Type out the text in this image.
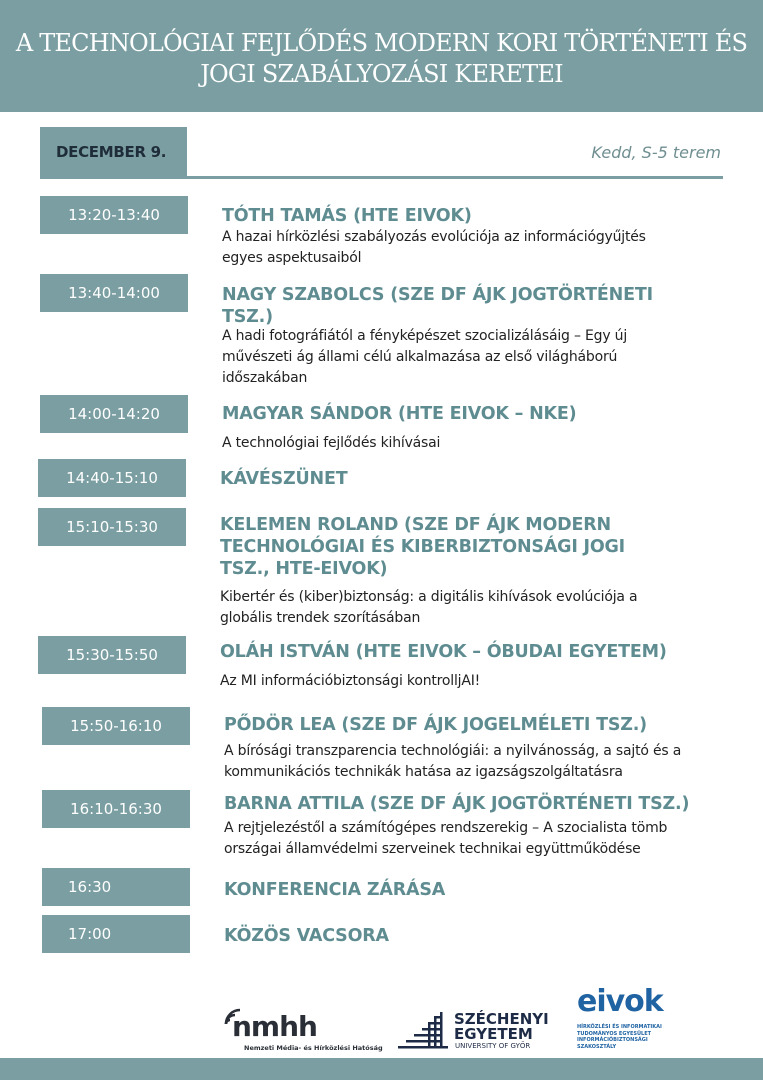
A TECHNOLÓGIAI FEJLŐDÉS MODERN KORI TÖRTÉNETI ÉS
JOGI SZABÁLYOZÁSI KERETEI
DECEMBER 9.	Kedd, S-5 terem
13:20-13:40	TÓTH TAMÁS (HTE EIVOK)
A hazai hírközlési szabályozás evolúciója az információgyűjtés
egyes aspektusaiból
13:40-14:00	NAGY SZABOLCS (SZE DF ÁJK JOGTÖRTÉNETI
TSZ.)
A hadi fotográfiától a fényképészet szocializálásáig – Egy új
művészeti ág állami célú alkalmazása az első világháború
időszakában
14:00-14:20	MAGYAR SÁNDOR (HTE EIVOK – NKE)
A technológiai fejlődés kihívásai
14:40-15:10	KÁVÉSZÜNET
15:10-15:30	KELEMEN ROLAND (SZE DF ÁJK MODERN
TECHNOLÓGIAI ÉS KIBERBIZTONSÁGI JOGI
TSZ., HTE-EIVOK)
Kibertér és (kiber)biztonság: a digitális kihívások evolúciója a
globális trendek szorításában
15:30-15:50	OLÁH ISTVÁN (HTE EIVOK – ÓBUDAI EGYETEM)
Az MI információbiztonsági kontrolljAI!
15:50-16:10	PŐDÖR LEA (SZE DF ÁJK JOGELMÉLETI TSZ.)
A bírósági transzparencia technológiái: a nyilvánosság, a sajtó és a
kommunikációs technikák hatása az igazságszolgáltatásra
16:10-16:30	BARNA ATTILA (SZE DF ÁJK JOGTÖRTÉNETI TSZ.)
A rejtjelezéstől a számítógépes rendszerekig – A szocialista tömb
országai államvédelmi szerveinek technikai együttműködése
16:30	KONFERENCIA ZÁRÁSA
17:00	KÖZÖS VACSORA
nmhh
Nemzeti Média- és Hírközlési Hatóság
SZÉCHENYI
EGYETEM
UNIVERSITY OF GYŐR
eivok
HÍRKÖZLÉSI ÉS INFORMATIKAI
TUDOMÁNYOS EGYESÜLET
INFORMÁCIÓBIZTONSÁGI
SZAKOSZTÁLY
